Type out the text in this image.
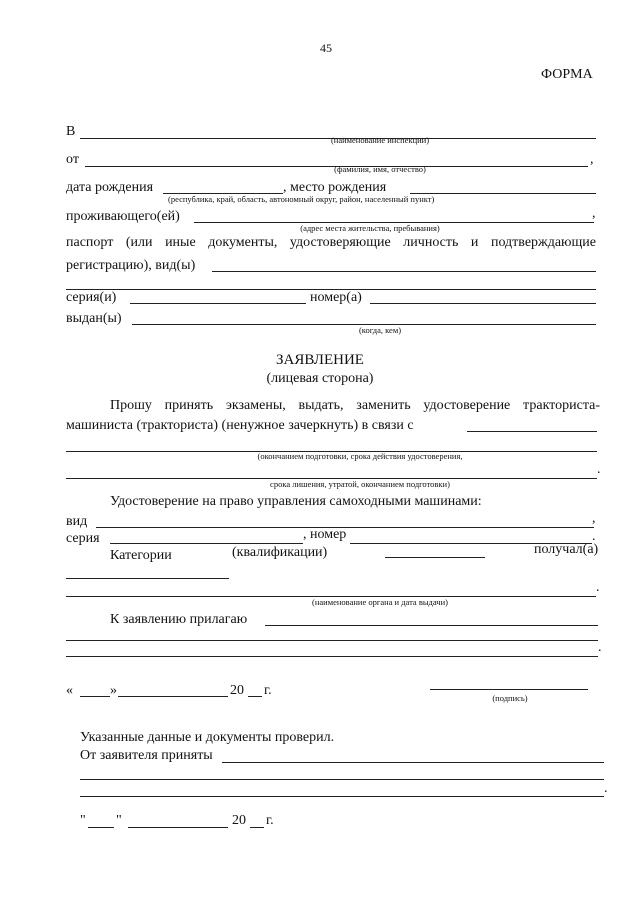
45
ФОРМА
В
(наименование инспекции)
от	,
(фамилия, имя, отчество)
дата рождения	, место рождения
(республика, край, область, автономный округ, район, населенный пункт)
проживающего(ей)	,
(адрес места жительства, пребывания)
паспорт (или иные документы, удостоверяющие личность и подтверждающие
регистрацию), вид(ы)
серия(и)	номер(а)
выдан(ы)
(когда, кем)
ЗАЯВЛЕНИЕ
(лицевая сторона)
Прошу принять экзамены, выдать, заменить удостоверение тракториста-
машиниста (тракториста) (ненужное зачеркнуть) в связи с
(окончанием подготовки, срока действия удостоверения,
.
срока лишения, утратой, окончанием подготовки)
Удостоверение на право управления самоходными машинами:
вид	,
серия	, номер	.
Категории	(квалификации)	получал(а)
.
(наименование органа и дата выдачи)
К заявлению прилагаю
.
«	»	20 г.	(подпись)
Указанные данные и документы проверил.
От заявителя приняты
.
" "	20 г.
